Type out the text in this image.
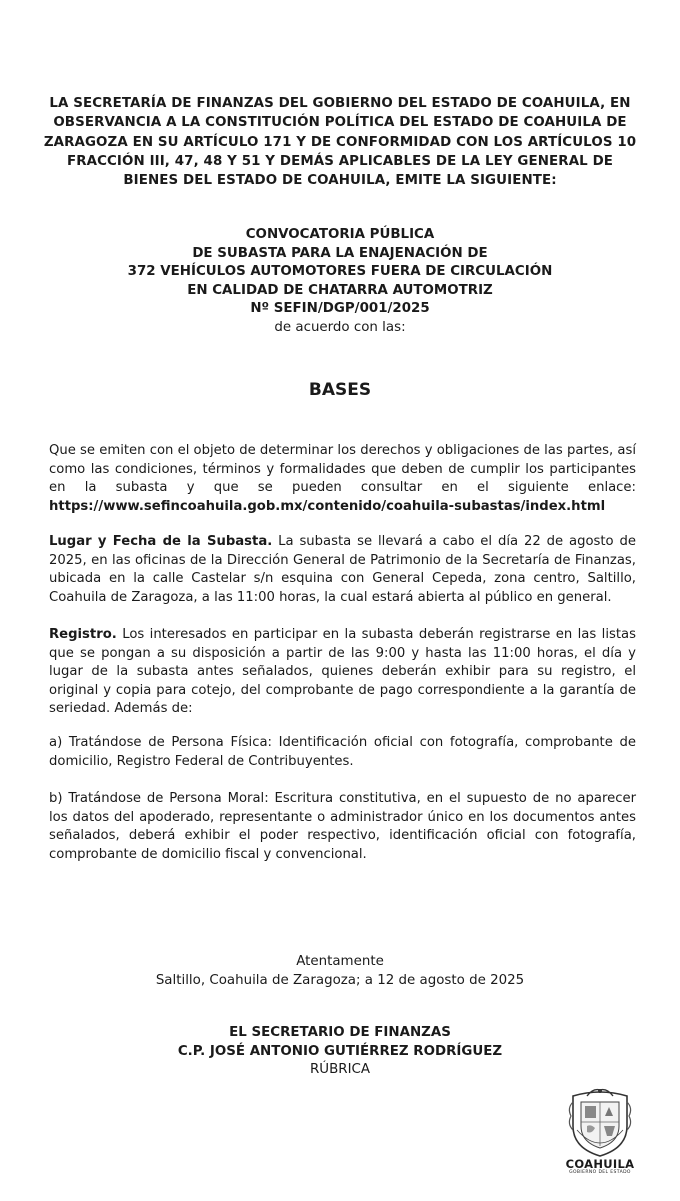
LA SECRETARÍA DE FINANZAS DEL GOBIERNO DEL ESTADO DE COAHUILA, EN OBSERVANCIA A LA CONSTITUCIÓN POLÍTICA DEL ESTADO DE COAHUILA DE ZARAGOZA EN SU ARTÍCULO 171 Y DE CONFORMIDAD CON LOS ARTÍCULOS 10 FRACCIÓN III, 47, 48 Y 51 Y DEMÁS APLICABLES DE LA LEY GENERAL DE BIENES DEL ESTADO DE COAHUILA, EMITE LA SIGUIENTE:
CONVOCATORIA PÚBLICA
DE SUBASTA PARA LA ENAJENACIÓN DE
372 VEHÍCULOS AUTOMOTORES FUERA DE CIRCULACIÓN
EN CALIDAD DE CHATARRA AUTOMOTRIZ
Nº SEFIN/DGP/001/2025
de acuerdo con las:
BASES
Que se emiten con el objeto de determinar los derechos y obligaciones de las partes, así como las condiciones, términos y formalidades que deben de cumplir los participantes en la subasta y que se pueden consultar en el siguiente enlace: https://www.sefincoahuila.gob.mx/contenido/coahuila-subastas/index.html
Lugar y Fecha de la Subasta. La subasta se llevará a cabo el día 22 de agosto de 2025, en las oficinas de la Dirección General de Patrimonio de la Secretaría de Finanzas, ubicada en la calle Castelar s/n esquina con General Cepeda, zona centro, Saltillo, Coahuila de Zaragoza, a las 11:00 horas, la cual estará abierta al público en general.
Registro. Los interesados en participar en la subasta deberán registrarse en las listas que se pongan a su disposición a partir de las 9:00 y hasta las 11:00 horas, el día y lugar de la subasta antes señalados, quienes deberán exhibir para su registro, el original y copia para cotejo, del comprobante de pago correspondiente a la garantía de seriedad. Además de:
a) Tratándose de Persona Física: Identificación oficial con fotografía, comprobante de domicilio, Registro Federal de Contribuyentes.
b) Tratándose de Persona Moral: Escritura constitutiva, en el supuesto de no aparecer los datos del apoderado, representante o administrador único en los documentos antes señalados, deberá exhibir el poder respectivo, identificación oficial con fotografía, comprobante de domicilio fiscal y convencional.
Atentamente
Saltillo, Coahuila de Zaragoza; a 12 de agosto de 2025
EL SECRETARIO DE FINANZAS
C.P. JOSÉ ANTONIO GUTIÉRREZ RODRÍGUEZ
RÚBRICA
COAHUILA
GOBIERNO DEL ESTADO
